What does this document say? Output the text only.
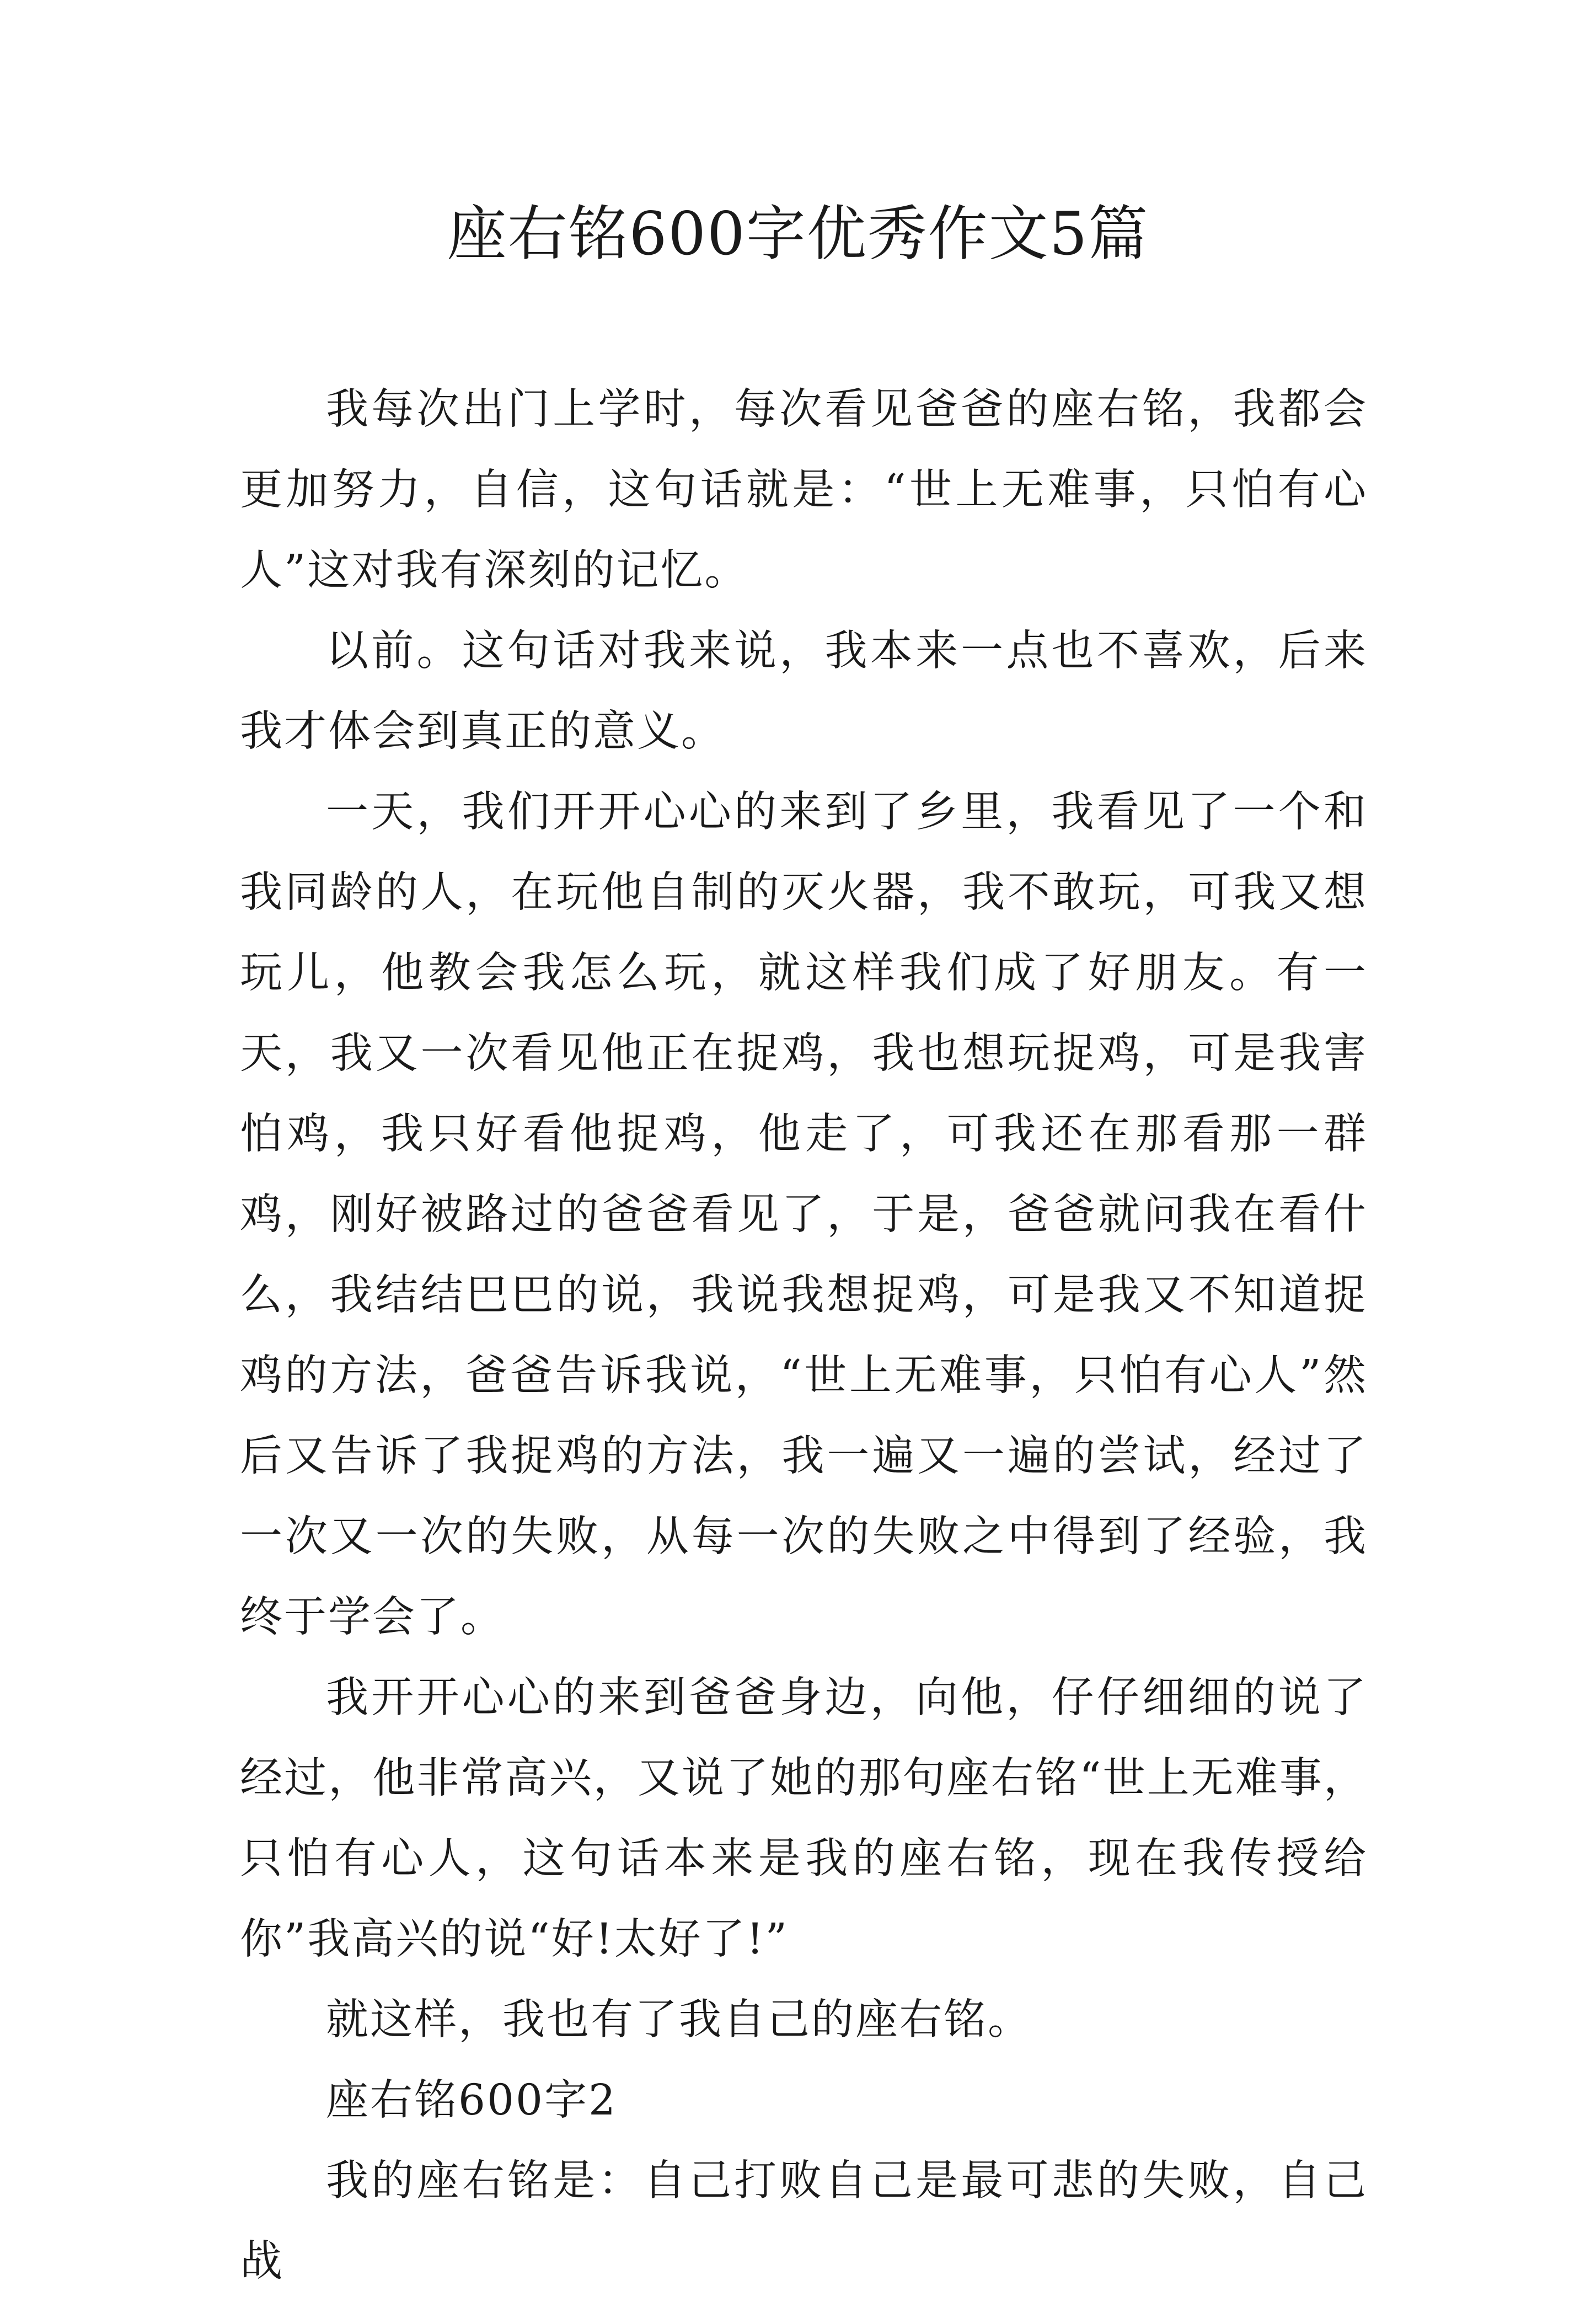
座右铭600字优秀作文5篇

我每次出门上学时，每次看见爸爸的座右铭，我都会更加努力，自信，这句话就是：“世上无难事，只怕有心人”这对我有深刻的记忆。

以前。这句话对我来说，我本来一点也不喜欢，后来我才体会到真正的意义。

一天，我们开开心心的来到了乡里，我看见了一个和我同龄的人，在玩他自制的灭火器，我不敢玩，可我又想玩儿，他教会我怎么玩，就这样我们成了好朋友。有一天，我又一次看见他正在捉鸡，我也想玩捉鸡，可是我害怕鸡，我只好看他捉鸡，他走了，可我还在那看那一群鸡，刚好被路过的爸爸看见了，于是，爸爸就问我在看什么，我结结巴巴的说，我说我想捉鸡，可是我又不知道捉鸡的方法，爸爸告诉我说，“世上无难事，只怕有心人”然后又告诉了我捉鸡的方法，我一遍又一遍的尝试，经过了一次又一次的失败，从每一次的失败之中得到了经验，我终于学会了。

我开开心心的来到爸爸身边，向他，仔仔细细的说了经过，他非常高兴，又说了她的那句座右铭“世上无难事，只怕有心人，这句话本来是我的座右铭，现在我传授给你”我高兴的说“好!太好了!”

就这样，我也有了我自己的座右铭。

座右铭600字2

我的座右铭是：自己打败自己是最可悲的失败，自己战
